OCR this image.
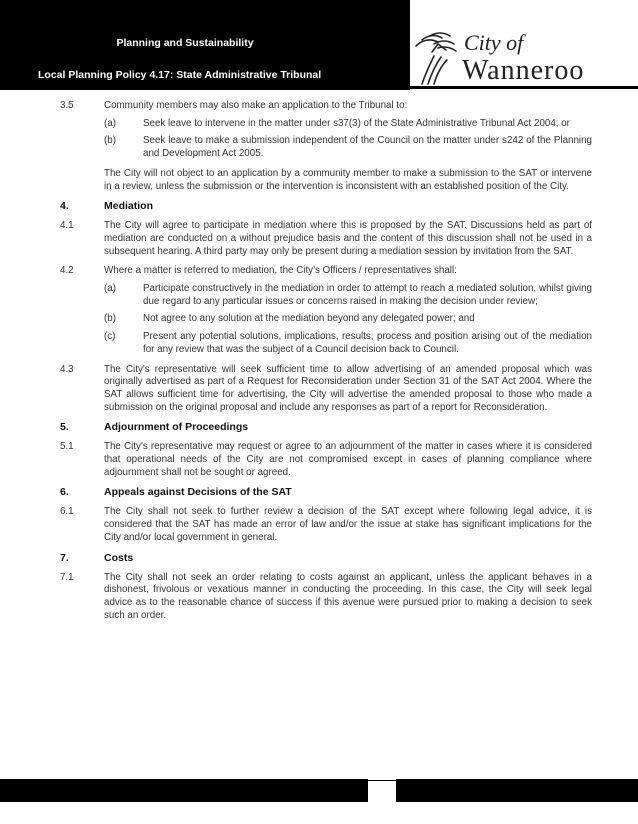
Planning and Sustainability
Local Planning Policy 4.17: State Administrative Tribunal
City of
Wanneroo
3.5	Community members may also make an application to the Tribunal to:
(a)	Seek leave to intervene in the matter under s37(3) of the State Administrative Tribunal Act 2004; or
(b)	Seek leave to make a submission independent of the Council on the matter under s242 of the Planning and Development Act 2005.
The City will not object to an application by a community member to make a submission to the SAT or intervene in a review, unless the submission or the intervention is inconsistent with an established position of the City.
4.	Mediation
4.1	The City will agree to participate in mediation where this is proposed by the SAT. Discussions held as part of mediation are conducted on a without prejudice basis and the content of this discussion shall not be used in a subsequent hearing. A third party may only be present during a mediation session by invitation from the SAT.
4.2	Where a matter is referred to mediation, the City's Officers / representatives shall:
(a)	Participate constructively in the mediation in order to attempt to reach a mediated solution, whilst giving due regard to any particular issues or concerns raised in making the decision under review;
(b)	Not agree to any solution at the mediation beyond any delegated power; and
(c)	Present any potential solutions, implications, results, process and position arising out of the mediation for any review that was the subject of a Council decision back to Council.
4.3	The City's representative will seek sufficient time to allow advertising of an amended proposal which was originally advertised as part of a Request for Reconsideration under Section 31 of the SAT Act 2004. Where the SAT allows sufficient time for advertising, the City will advertise the amended proposal to those who made a submission on the original proposal and include any responses as part of a report for Reconsideration.
5.	Adjournment of Proceedings
5.1	The City's representative may request or agree to an adjournment of the matter in cases where it is considered that operational needs of the City are not compromised except in cases of planning compliance where adjournment shall not be sought or agreed.
6.	Appeals against Decisions of the SAT
6.1	The City shall not seek to further review a decision of the SAT except where following legal advice, it is considered that the SAT has made an error of law and/or the issue at stake has significant implications for the City and/or local government in general.
7.	Costs
7.1	The City shall not seek an order relating to costs against an applicant, unless the applicant behaves in a dishonest, frivolous or vexatious manner in conducting the proceeding. In this case, the City will seek legal advice as to the reasonable chance of success if this avenue were pursued prior to making a decision to seek such an order.
